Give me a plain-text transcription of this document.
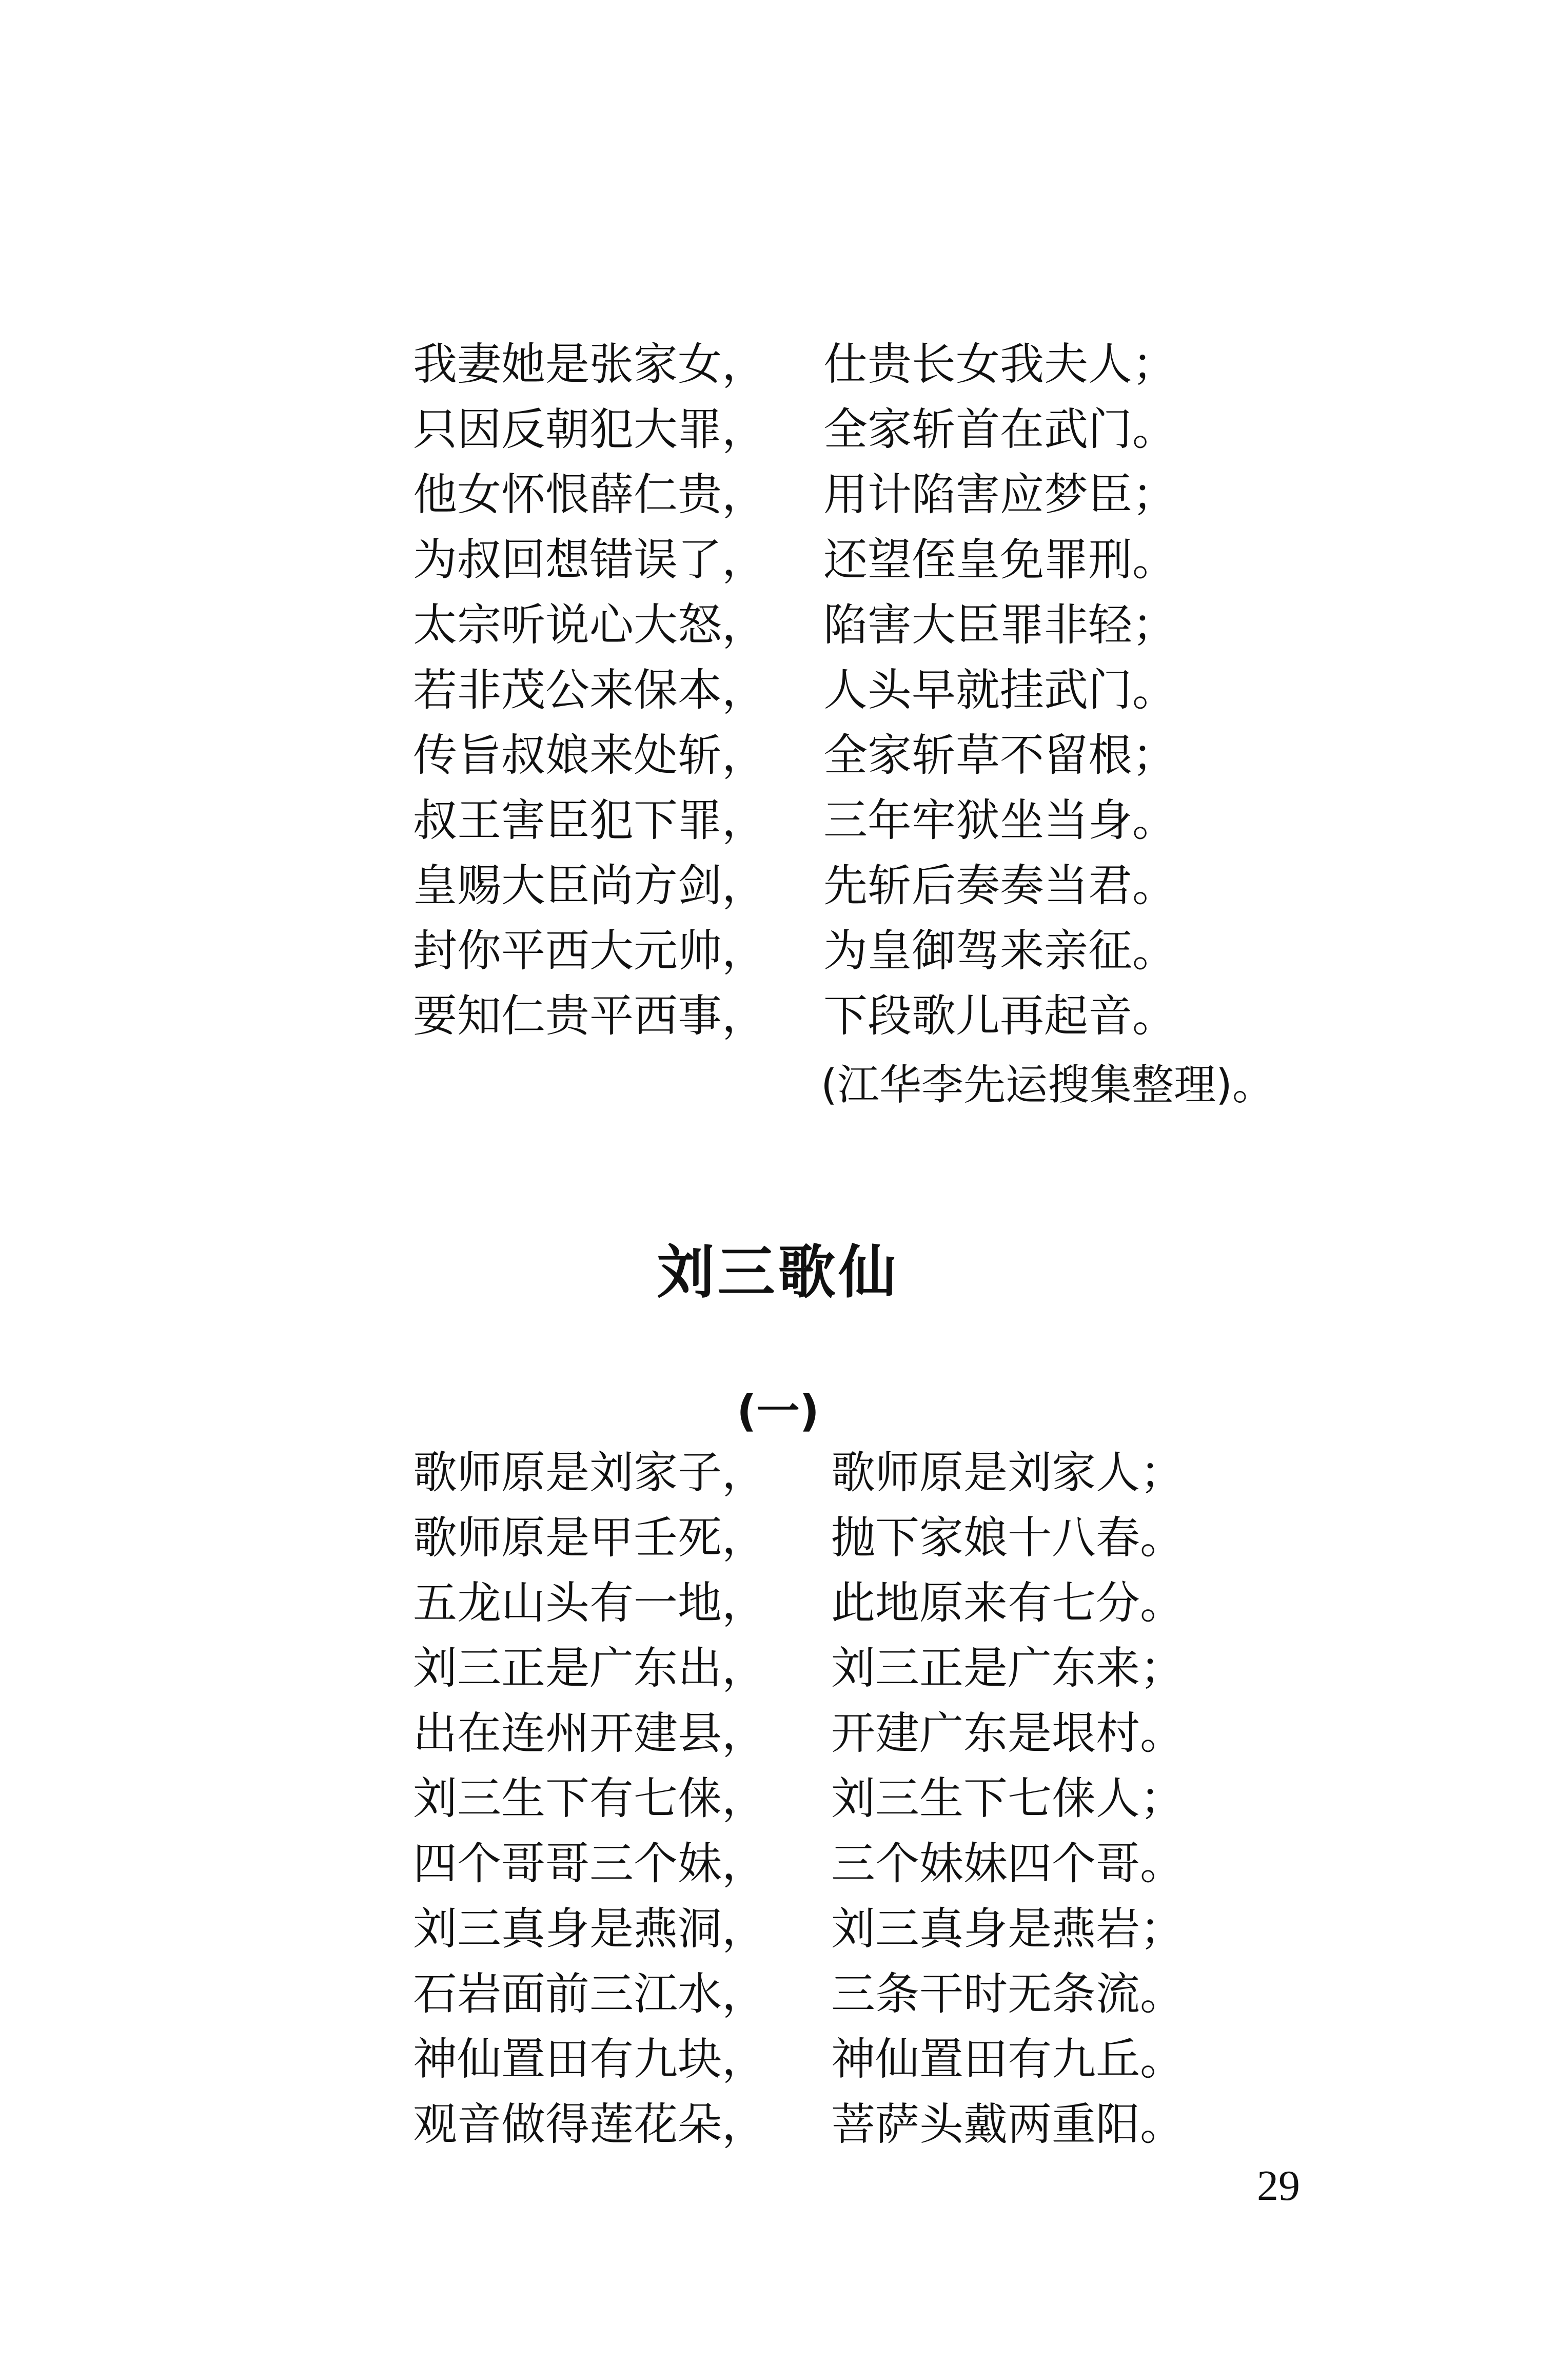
我妻她是张家女， 仕贵长女我夫人；
只因反朝犯大罪， 全家斩首在武门。
他女怀恨薛仁贵， 用计陷害应梦臣；
为叔回想错误了， 还望侄皇免罪刑。
太宗听说心大怒， 陷害大臣罪非轻；
若非茂公来保本， 人头早就挂武门。
传旨叔娘来处斩， 全家斩草不留根；
叔王害臣犯下罪， 三年牢狱坐当身。
皇赐大臣尚方剑， 先斩后奏奏当君。
封你平西大元帅， 为皇御驾来亲征。
要知仁贵平西事， 下段歌儿再起音。
(江华李先运搜集整理)。
刘三歌仙
(一)
歌师原是刘家子， 歌师原是刘家人；
歌师原是甲壬死， 抛下家娘十八春。
五龙山头有一地， 此地原来有七分。
刘三正是广东出， 刘三正是广东来；
出在连州开建县， 开建广东是垠村。
刘三生下有七俫， 刘三生下七俫人；
四个哥哥三个妹， 三个妹妹四个哥。
刘三真身是燕洞， 刘三真身是燕岩；
石岩面前三江水， 三条干时无条流。
神仙置田有九块， 神仙置田有九丘。
观音做得莲花朵， 菩萨头戴两重阳。
29
